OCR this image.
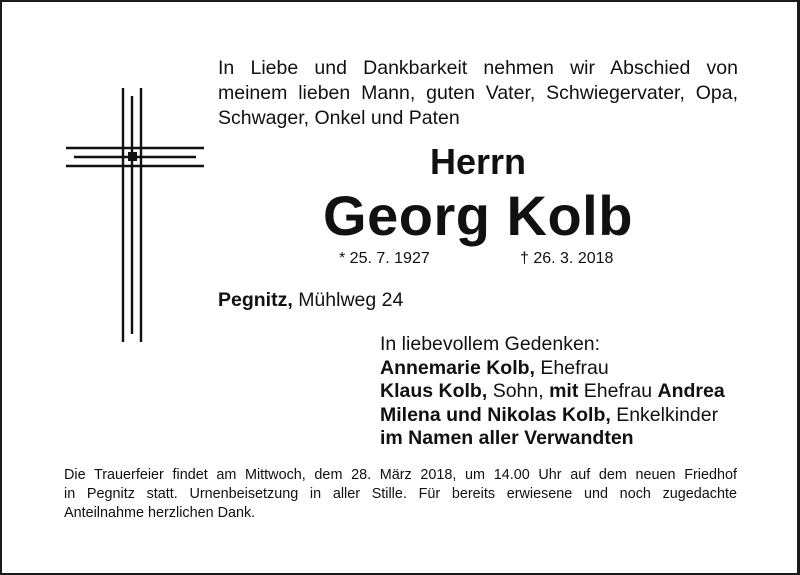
In Liebe und Dankbarkeit nehmen wir Abschied von
meinem lieben Mann, guten Vater, Schwiegervater, Opa,
Schwager, Onkel und Paten
Herrn
Georg Kolb
* 25. 7. 1927	† 26. 3. 2018
Pegnitz, Mühlweg 24
In liebevollem Gedenken:
Annemarie Kolb, Ehefrau
Klaus Kolb, Sohn, mit Ehefrau Andrea
Milena und Nikolas Kolb, Enkelkinder
im Namen aller Verwandten
Die Trauerfeier findet am Mittwoch, dem 28. März 2018, um 14.00 Uhr auf dem neuen Friedhof
in Pegnitz statt. Urnenbeisetzung in aller Stille. Für bereits erwiesene und noch zugedachte
Anteilnahme herzlichen Dank.
